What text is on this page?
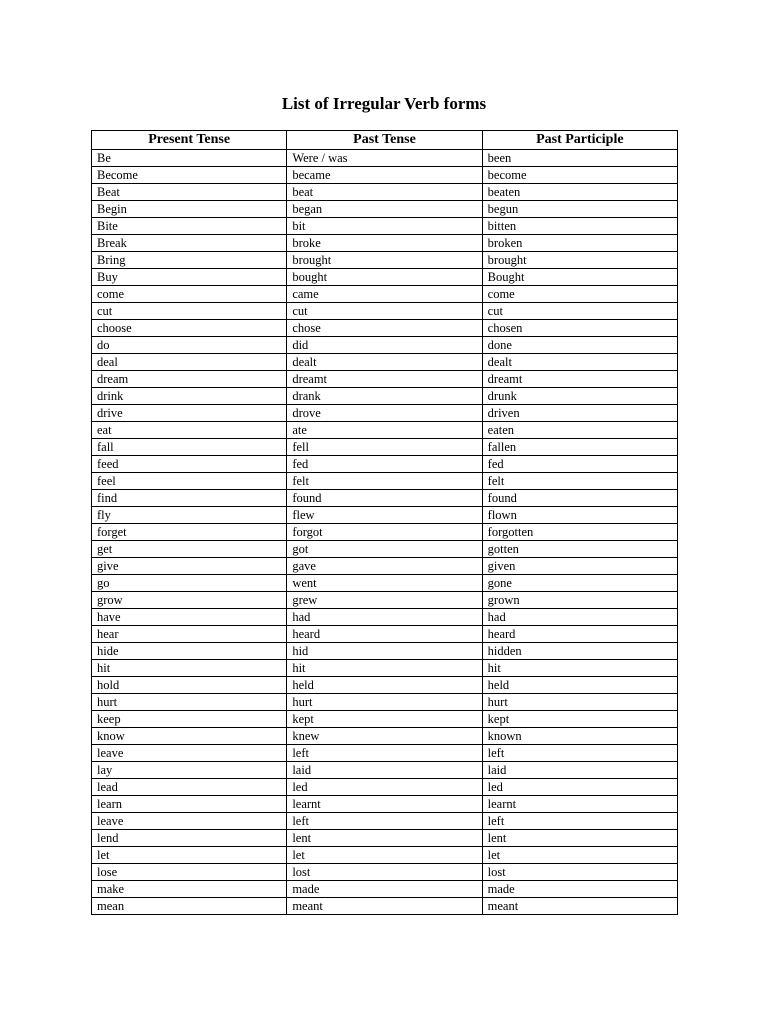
List of Irregular Verb forms
Present Tense	Past Tense	Past Participle
Be	Were / was	been
Become	became	become
Beat	beat	beaten
Begin	began	begun
Bite	bit	bitten
Break	broke	broken
Bring	brought	brought
Buy	bought	Bought
come	came	come
cut	cut	cut
choose	chose	chosen
do	did	done
deal	dealt	dealt
dream	dreamt	dreamt
drink	drank	drunk
drive	drove	driven
eat	ate	eaten
fall	fell	fallen
feed	fed	fed
feel	felt	felt
find	found	found
fly	flew	flown
forget	forgot	forgotten
get	got	gotten
give	gave	given
go	went	gone
grow	grew	grown
have	had	had
hear	heard	heard
hide	hid	hidden
hit	hit	hit
hold	held	held
hurt	hurt	hurt
keep	kept	kept
know	knew	known
leave	left	left
lay	laid	laid
lead	led	led
learn	learnt	learnt
leave	left	left
lend	lent	lent
let	let	let
lose	lost	lost
make	made	made
mean	meant	meant
